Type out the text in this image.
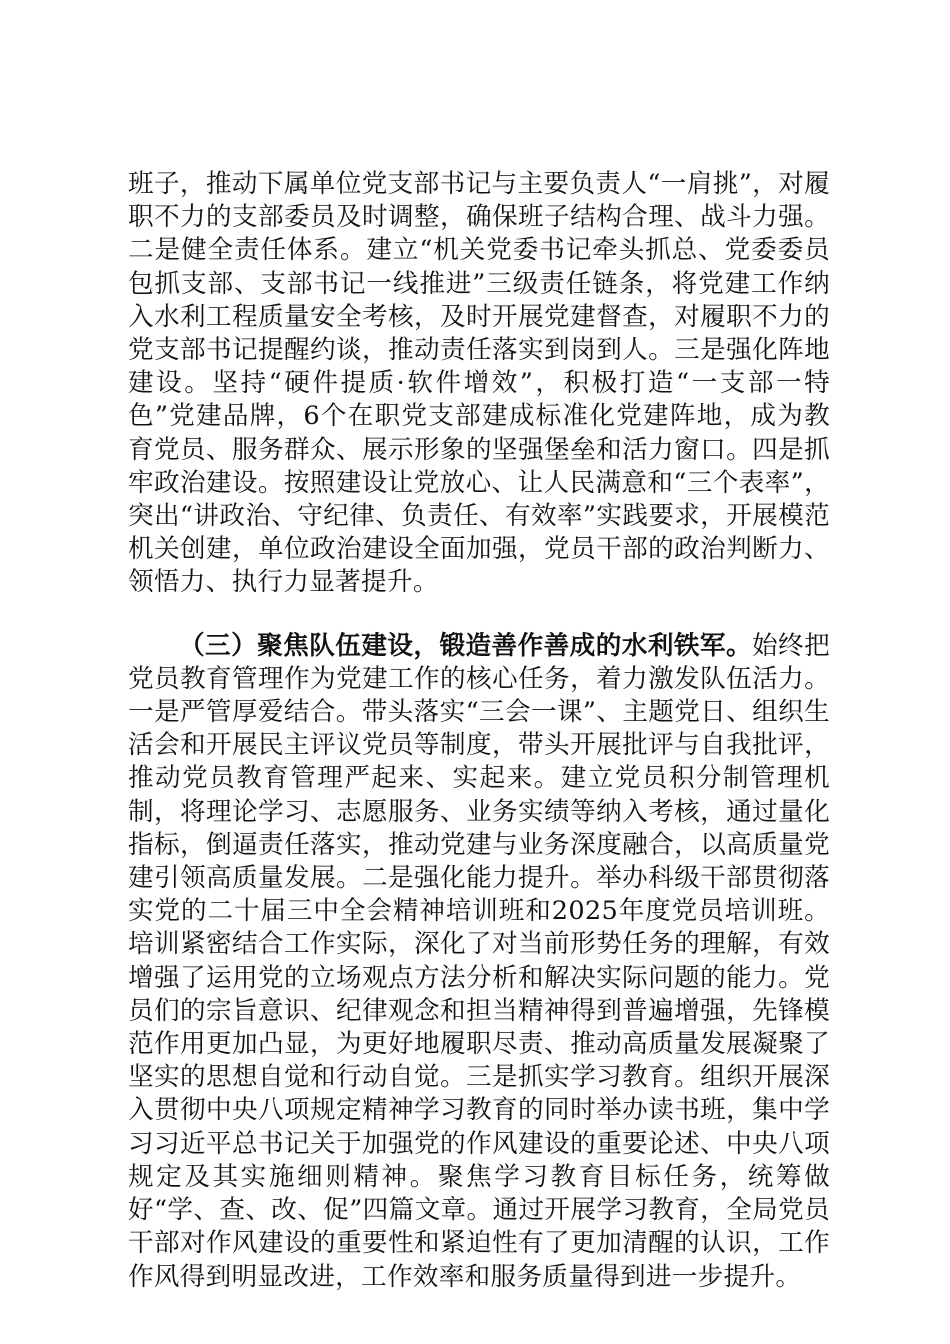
班子，推动下属单位党支部书记与主要负责人“一肩挑”，对履职不力的支部委员及时调整，确保班子结构合理、战斗力强。二是健全责任体系。建立“机关党委书记牵头抓总、党委委员包抓支部、支部书记一线推进”三级责任链条，将党建工作纳入水利工程质量安全考核，及时开展党建督查，对履职不力的党支部书记提醒约谈，推动责任落实到岗到人。三是强化阵地建设。坚持“硬件提质·软件增效”，积极打造“一支部一特色”党建品牌，6个在职党支部建成标准化党建阵地，成为教育党员、服务群众、展示形象的坚强堡垒和活力窗口。四是抓牢政治建设。按照建设让党放心、让人民满意和“三个表率”，突出“讲政治、守纪律、负责任、有效率”实践要求，开展模范机关创建，单位政治建设全面加强，党员干部的政治判断力、领悟力、执行力显著提升。

（三）聚焦队伍建设，锻造善作善成的水利铁军。始终把党员教育管理作为党建工作的核心任务，着力激发队伍活力。一是严管厚爱结合。带头落实“三会一课”、主题党日、组织生活会和开展民主评议党员等制度，带头开展批评与自我批评，推动党员教育管理严起来、实起来。建立党员积分制管理机制，将理论学习、志愿服务、业务实绩等纳入考核，通过量化指标，倒逼责任落实，推动党建与业务深度融合，以高质量党建引领高质量发展。二是强化能力提升。举办科级干部贯彻落实党的二十届三中全会精神培训班和2025年度党员培训班。培训紧密结合工作实际，深化了对当前形势任务的理解，有效增强了运用党的立场观点方法分析和解决实际问题的能力。党员们的宗旨意识、纪律观念和担当精神得到普遍增强，先锋模范作用更加凸显，为更好地履职尽责、推动高质量发展凝聚了坚实的思想自觉和行动自觉。三是抓实学习教育。组织开展深入贯彻中央八项规定精神学习教育的同时举办读书班，集中学习习近平总书记关于加强党的作风建设的重要论述、中央八项规定及其实施细则精神。聚焦学习教育目标任务，统筹做好“学、查、改、促”四篇文章。通过开展学习教育，全局党员干部对作风建设的重要性和紧迫性有了更加清醒的认识，工作作风得到明显改进，工作效率和服务质量得到进一步提升。
